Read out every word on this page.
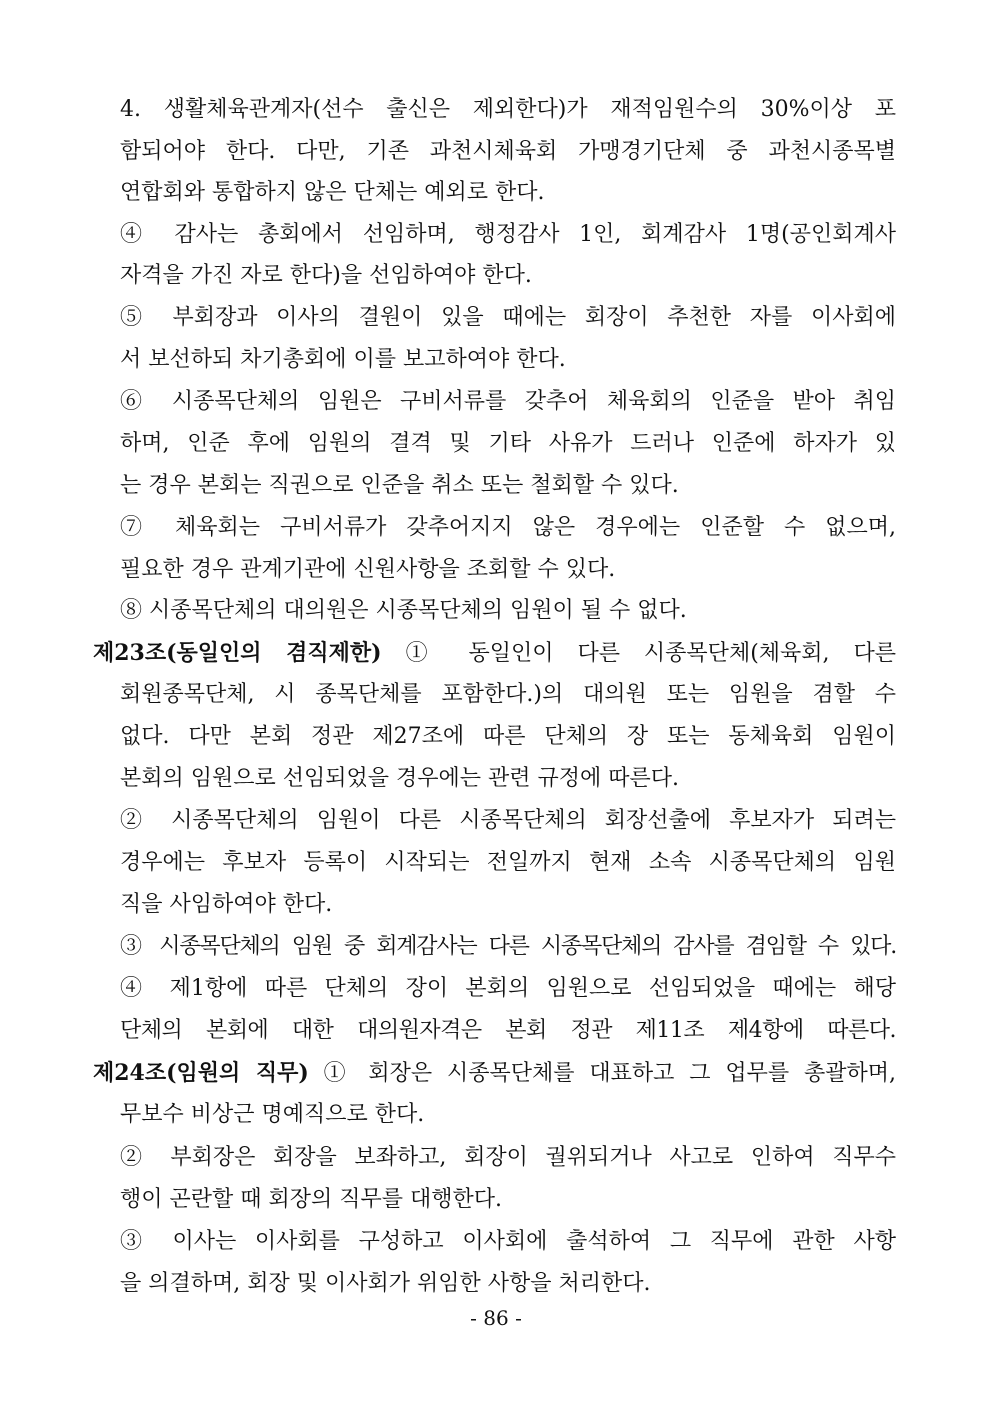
4. 생활체육관계자(선수 출신은 제외한다)가 재적임원수의 30%이상 포

함되어야 한다. 다만, 기존 과천시체육회 가맹경기단체 중 과천시종목별

연합회와 통합하지 않은 단체는 예외로 한다.

④ 감사는 총회에서 선임하며, 행정감사 1인, 회계감사 1명(공인회계사

자격을 가진 자로 한다)을 선임하여야 한다.

⑤ 부회장과 이사의 결원이 있을 때에는 회장이 추천한 자를 이사회에

서 보선하되 차기총회에 이를 보고하여야 한다.

⑥ 시종목단체의 임원은 구비서류를 갖추어 체육회의 인준을 받아 취임

하며, 인준 후에 임원의 결격 및 기타 사유가 드러나 인준에 하자가 있

는 경우 본회는 직권으로 인준을 취소 또는 철회할 수 있다.

⑦ 체육회는 구비서류가 갖추어지지 않은 경우에는 인준할 수 없으며,

필요한 경우 관계기관에 신원사항을 조회할 수 있다.

⑧ 시종목단체의 대의원은 시종목단체의 임원이 될 수 없다.

제23조(동일인의 겸직제한) ① 동일인이 다른 시종목단체(체육회, 다른

회원종목단체, 시 종목단체를 포함한다.)의 대의원 또는 임원을 겸할 수

없다. 다만 본회 정관 제27조에 따른 단체의 장 또는 동체육회 임원이

본회의 임원으로 선임되었을 경우에는 관련 규정에 따른다.

② 시종목단체의 임원이 다른 시종목단체의 회장선출에 후보자가 되려는

경우에는 후보자 등록이 시작되는 전일까지 현재 소속 시종목단체의 임원

직을 사임하여야 한다.

③ 시종목단체의 임원 중 회계감사는 다른 시종목단체의 감사를 겸임할 수 있다.

④ 제1항에 따른 단체의 장이 본회의 임원으로 선임되었을 때에는 해당

단체의 본회에 대한 대의원자격은 본회 정관 제11조 제4항에 따른다.

제24조(임원의 직무) ① 회장은 시종목단체를 대표하고 그 업무를 총괄하며,

무보수 비상근 명예직으로 한다.

② 부회장은 회장을 보좌하고, 회장이 궐위되거나 사고로 인하여 직무수

행이 곤란할 때 회장의 직무를 대행한다.

③ 이사는 이사회를 구성하고 이사회에 출석하여 그 직무에 관한 사항

을 의결하며, 회장 및 이사회가 위임한 사항을 처리한다.

- 86 -
